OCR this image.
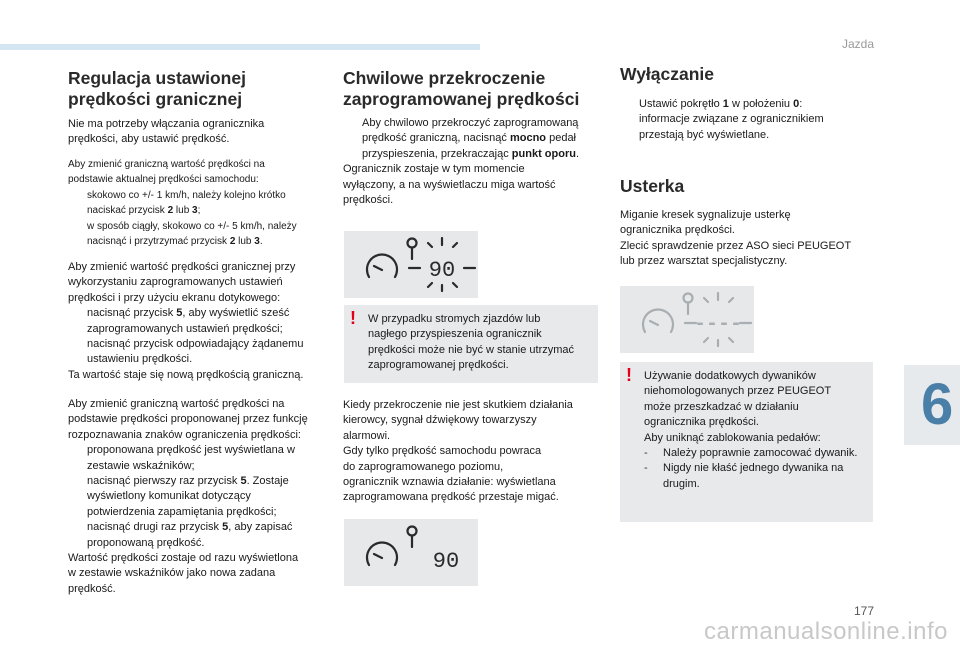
Jazda
6
177
carmanualsonline.info
Regulacja ustawionej
prędkości granicznej
Nie ma potrzeby włączania ogranicznika
prędkości, aby ustawić prędkość.
Aby zmienić graniczną wartość prędkości na
podstawie aktualnej prędkości samochodu:
skokowo co +/- 1 km/h, należy kolejno krótko
naciskać przycisk 2 lub 3;
w sposób ciągły, skokowo co +/- 5 km/h, należy
nacisnąć i przytrzymać przycisk 2 lub 3.
Aby zmienić wartość prędkości granicznej przy
wykorzystaniu zaprogramowanych ustawień
prędkości i przy użyciu ekranu dotykowego:
nacisnąć przycisk 5, aby wyświetlić sześć
zaprogramowanych ustawień prędkości;
nacisnąć przycisk odpowiadający żądanemu
ustawieniu prędkości.
Ta wartość staje się nową prędkością graniczną.
Aby zmienić graniczną wartość prędkości na
podstawie prędkości proponowanej przez funkcję
rozpoznawania znaków ograniczenia prędkości:
proponowana prędkość jest wyświetlana w
zestawie wskaźników;
nacisnąć pierwszy raz przycisk 5. Zostaje
wyświetlony komunikat dotyczący
potwierdzenia zapamiętania prędkości;
nacisnąć drugi raz przycisk 5, aby zapisać
proponowaną prędkość.
Wartość prędkości zostaje od razu wyświetlona
w zestawie wskaźników jako nowa zadana
prędkość.
Chwilowe przekroczenie
zaprogramowanej prędkości
Aby chwilowo przekroczyć zaprogramowaną
prędkość graniczną, nacisnąć mocno pedał
przyspieszenia, przekraczając punkt oporu.
Ogranicznik zostaje w tym momencie
wyłączony, a na wyświetlaczu miga wartość
prędkości.
90
! W przypadku stromych zjazdów lub
nagłego przyspieszenia ogranicznik
prędkości może nie być w stanie utrzymać
zaprogramowanej prędkości.
Kiedy przekroczenie nie jest skutkiem działania
kierowcy, sygnał dźwiękowy towarzyszy
alarmowi.
Gdy tylko prędkość samochodu powraca
do zaprogramowanego poziomu,
ogranicznik wznawia działanie: wyświetlana
zaprogramowana prędkość przestaje migać.
90
Wyłączanie
Ustawić pokrętło 1 w położeniu 0:
informacje związane z ogranicznikiem
przestają być wyświetlane.
Usterka
Miganie kresek sygnalizuje usterkę
ogranicznika prędkości.
Zlecić sprawdzenie przez ASO sieci PEUGEOT
lub przez warsztat specjalistyczny.
----
! Używanie dodatkowych dywaników
niehomologowanych przez PEUGEOT
może przeszkadzać w działaniu
ogranicznika prędkości.
Aby uniknąć zablokowania pedałów:
-	Należy poprawnie zamocować dywanik.
-	Nigdy nie kłaść jednego dywanika na
drugim.
